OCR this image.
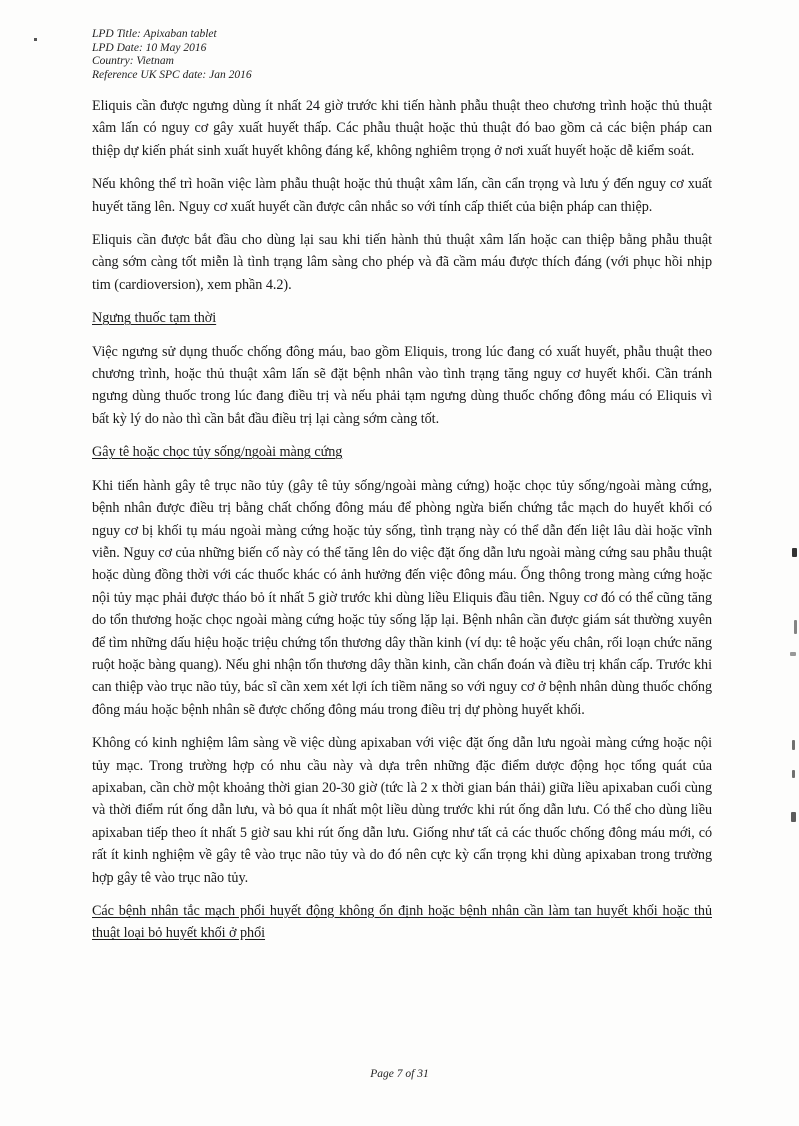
LPD Title: Apixaban tablet
LPD Date: 10 May 2016
Country: Vietnam
Reference UK SPC date: Jan 2016

Eliquis cần được ngưng dùng ít nhất 24 giờ trước khi tiến hành phẫu thuật theo chương trình hoặc thủ thuật xâm lấn có nguy cơ gây xuất huyết thấp. Các phẫu thuật hoặc thủ thuật đó bao gồm cả các biện pháp can thiệp dự kiến phát sinh xuất huyết không đáng kể, không nghiêm trọng ở nơi xuất huyết hoặc dễ kiểm soát.

Nếu không thể trì hoãn việc làm phẫu thuật hoặc thủ thuật xâm lấn, cần cẩn trọng và lưu ý đến nguy cơ xuất huyết tăng lên. Nguy cơ xuất huyết cần được cân nhắc so với tính cấp thiết của biện pháp can thiệp.

Eliquis cần được bắt đầu cho dùng lại sau khi tiến hành thủ thuật xâm lấn hoặc can thiệp bằng phẫu thuật càng sớm càng tốt miễn là tình trạng lâm sàng cho phép và đã cầm máu được thích đáng (với phục hồi nhịp tim (cardioversion), xem phần 4.2).

Ngưng thuốc tạm thời

Việc ngưng sử dụng thuốc chống đông máu, bao gồm Eliquis, trong lúc đang có xuất huyết, phẫu thuật theo chương trình, hoặc thủ thuật xâm lấn sẽ đặt bệnh nhân vào tình trạng tăng nguy cơ huyết khối. Cần tránh ngưng dùng thuốc trong lúc đang điều trị và nếu phải tạm ngưng dùng thuốc chống đông máu có Eliquis vì bất kỳ lý do nào thì cần bắt đầu điều trị lại càng sớm càng tốt.

Gây tê hoặc chọc tủy sống/ngoài màng cứng

Khi tiến hành gây tê trục não tủy (gây tê tủy sống/ngoài màng cứng) hoặc chọc tủy sống/ngoài màng cứng, bệnh nhân được điều trị bằng chất chống đông máu để phòng ngừa biến chứng tắc mạch do huyết khối có nguy cơ bị khối tụ máu ngoài màng cứng hoặc tủy sống, tình trạng này có thể dẫn đến liệt lâu dài hoặc vĩnh viễn. Nguy cơ của những biến cố này có thể tăng lên do việc đặt ống dẫn lưu ngoài màng cứng sau phẫu thuật hoặc dùng đồng thời với các thuốc khác có ảnh hưởng đến việc đông máu. Ống thông trong màng cứng hoặc nội tủy mạc phải được tháo bỏ ít nhất 5 giờ trước khi dùng liều Eliquis đầu tiên. Nguy cơ đó có thể cũng tăng do tổn thương hoặc chọc ngoài màng cứng hoặc tủy sống lặp lại. Bệnh nhân cần được giám sát thường xuyên để tìm những dấu hiệu hoặc triệu chứng tổn thương dây thần kinh (ví dụ: tê hoặc yếu chân, rối loạn chức năng ruột hoặc bàng quang). Nếu ghi nhận tổn thương dây thần kinh, cần chẩn đoán và điều trị khẩn cấp. Trước khi can thiệp vào trục não tủy, bác sĩ cần xem xét lợi ích tiềm năng so với nguy cơ ở bệnh nhân dùng thuốc chống đông máu hoặc bệnh nhân sẽ được chống đông máu trong điều trị dự phòng huyết khối.

Không có kinh nghiệm lâm sàng về việc dùng apixaban với việc đặt ống dẫn lưu ngoài màng cứng hoặc nội tủy mạc. Trong trường hợp có nhu cầu này và dựa trên những đặc điểm dược động học tổng quát của apixaban, cần chờ một khoảng thời gian 20-30 giờ (tức là 2 x thời gian bán thải) giữa liều apixaban cuối cùng và thời điểm rút ống dẫn lưu, và bỏ qua ít nhất một liều dùng trước khi rút ống dẫn lưu. Có thể cho dùng liều apixaban tiếp theo ít nhất 5 giờ sau khi rút ống dẫn lưu. Giống như tất cả các thuốc chống đông máu mới, có rất ít kinh nghiệm về gây tê vào trục não tủy và do đó nên cực kỳ cẩn trọng khi dùng apixaban trong trường hợp gây tê vào trục não tủy.

Các bệnh nhân tắc mạch phổi huyết động không ổn định hoặc bệnh nhân cần làm tan huyết khối hoặc thủ thuật loại bỏ huyết khối ở phổi

Page 7 of 31
